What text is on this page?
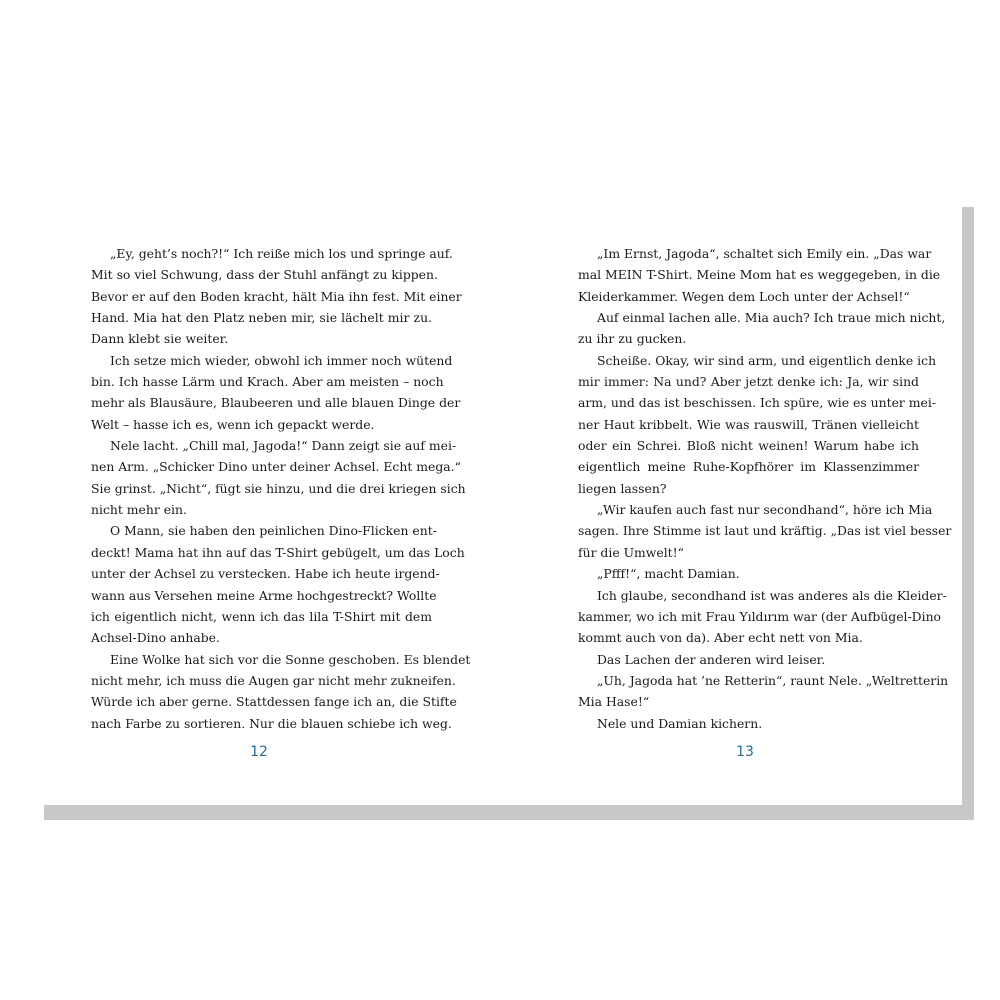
„Ey, geht’s noch?!“ Ich reiße mich los und springe auf.
Mit so viel Schwung, dass der Stuhl anfängt zu kippen.
Bevor er auf den Boden kracht, hält Mia ihn fest. Mit einer
Hand. Mia hat den Platz neben mir, sie lächelt mir zu.
Dann klebt sie weiter.
Ich setze mich wieder, obwohl ich immer noch wütend
bin. Ich hasse Lärm und Krach. Aber am meisten – noch
mehr als Blausäure, Blaubeeren und alle blauen Dinge der
Welt – hasse ich es, wenn ich gepackt werde.
Nele lacht. „Chill mal, Jagoda!“ Dann zeigt sie auf mei-
nen Arm. „Schicker Dino unter deiner Achsel. Echt mega.“
Sie grinst. „Nicht“, fügt sie hinzu, und die drei kriegen sich
nicht mehr ein.
O Mann, sie haben den peinlichen Dino-Flicken ent-
deckt! Mama hat ihn auf das T-Shirt gebügelt, um das Loch
unter der Achsel zu verstecken. Habe ich heute irgend-
wann aus Versehen meine Arme hochgestreckt? Wollte
ich eigentlich nicht, wenn ich das lila T-Shirt mit dem
Achsel-Dino anhabe.
Eine Wolke hat sich vor die Sonne geschoben. Es blendet
nicht mehr, ich muss die Augen gar nicht mehr zukneifen.
Würde ich aber gerne. Stattdessen fange ich an, die Stifte
nach Farbe zu sortieren. Nur die blauen schiebe ich weg.
12
„Im Ernst, Jagoda“, schaltet sich Emily ein. „Das war
mal MEIN T-Shirt. Meine Mom hat es weggegeben, in die
Kleiderkammer. Wegen dem Loch unter der Achsel!“
Auf einmal lachen alle. Mia auch? Ich traue mich nicht,
zu ihr zu gucken.
Scheiße. Okay, wir sind arm, und eigentlich denke ich
mir immer: Na und? Aber jetzt denke ich: Ja, wir sind
arm, und das ist beschissen. Ich spüre, wie es unter mei-
ner Haut kribbelt. Wie was rauswill, Tränen vielleicht
oder ein Schrei. Bloß nicht weinen! Warum habe ich
eigentlich meine Ruhe-Kopfhörer im Klassenzimmer
liegen lassen?
„Wir kaufen auch fast nur secondhand“, höre ich Mia
sagen. Ihre Stimme ist laut und kräftig. „Das ist viel besser
für die Umwelt!“
„Pfff!“, macht Damian.
Ich glaube, secondhand ist was anderes als die Kleider-
kammer, wo ich mit Frau Yıldırım war (der Aufbügel-Dino
kommt auch von da). Aber echt nett von Mia.
Das Lachen der anderen wird leiser.
„Uh, Jagoda hat ’ne Retterin“, raunt Nele. „Weltretterin
Mia Hase!“
Nele und Damian kichern.
13
